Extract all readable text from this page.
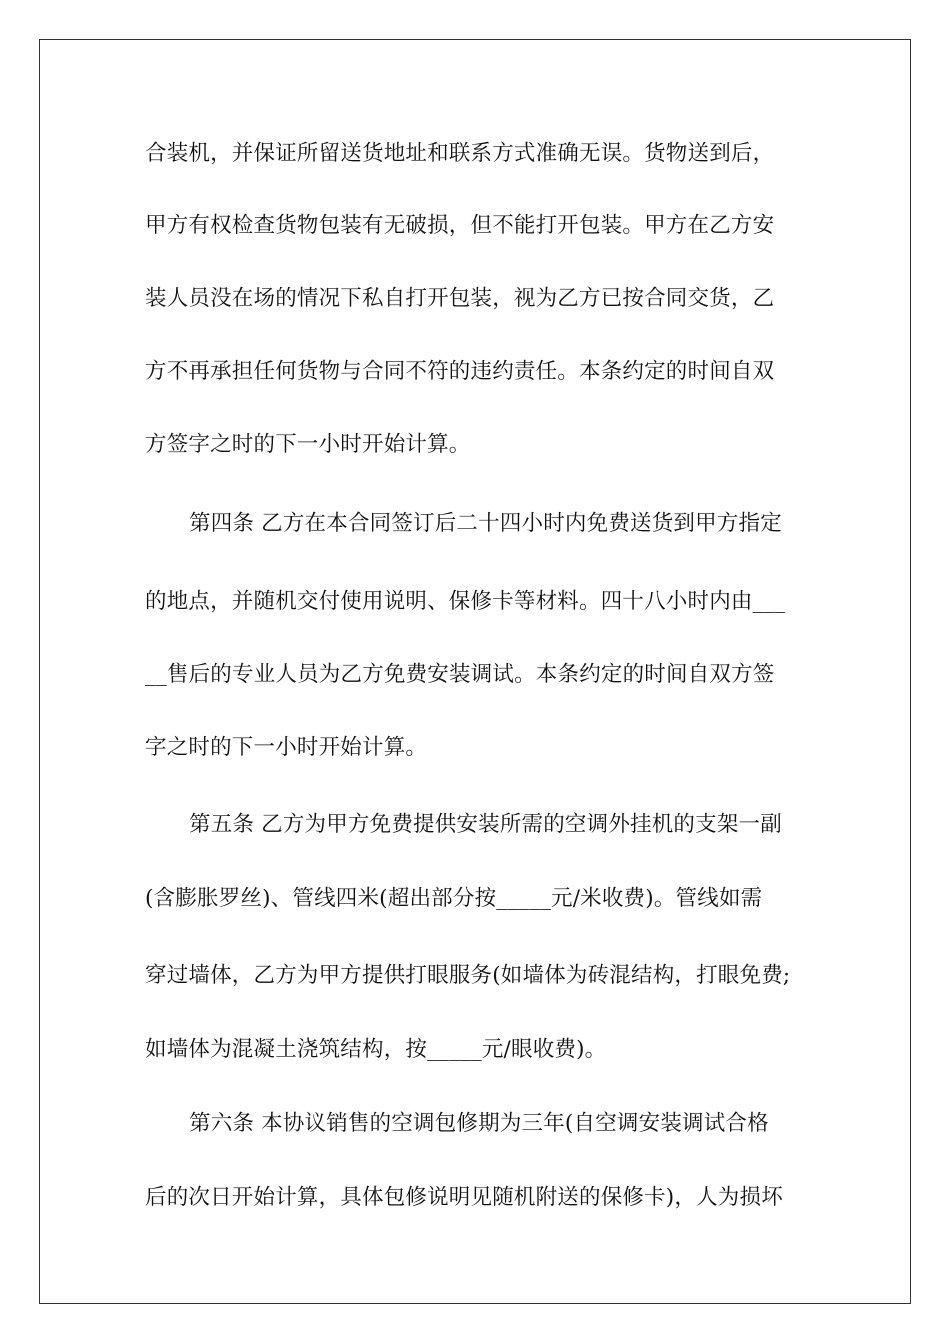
合装机，并保证所留送货地址和联系方式准确无误。货物送到后，
甲方有权检查货物包装有无破损，但不能打开包装。甲方在乙方安
装人员没在场的情况下私自打开包装，视为乙方已按合同交货，乙
方不再承担任何货物与合同不符的违约责任。本条约定的时间自双
方签字之时的下一小时开始计算。
第四条 乙方在本合同签订后二十四小时内免费送货到甲方指定
的地点，并随机交付使用说明、保修卡等材料。四十八小时内由___
__售后的专业人员为乙方免费安装调试。本条约定的时间自双方签
字之时的下一小时开始计算。
第五条 乙方为甲方免费提供安装所需的空调外挂机的支架一副
(含膨胀罗丝)、管线四米(超出部分按_____元/米收费)。管线如需
穿过墙体，乙方为甲方提供打眼服务(如墙体为砖混结构，打眼免费;
如墙体为混凝土浇筑结构，按_____元/眼收费)。
第六条 本协议销售的空调包修期为三年(自空调安装调试合格
后的次日开始计算，具体包修说明见随机附送的保修卡)，人为损坏
